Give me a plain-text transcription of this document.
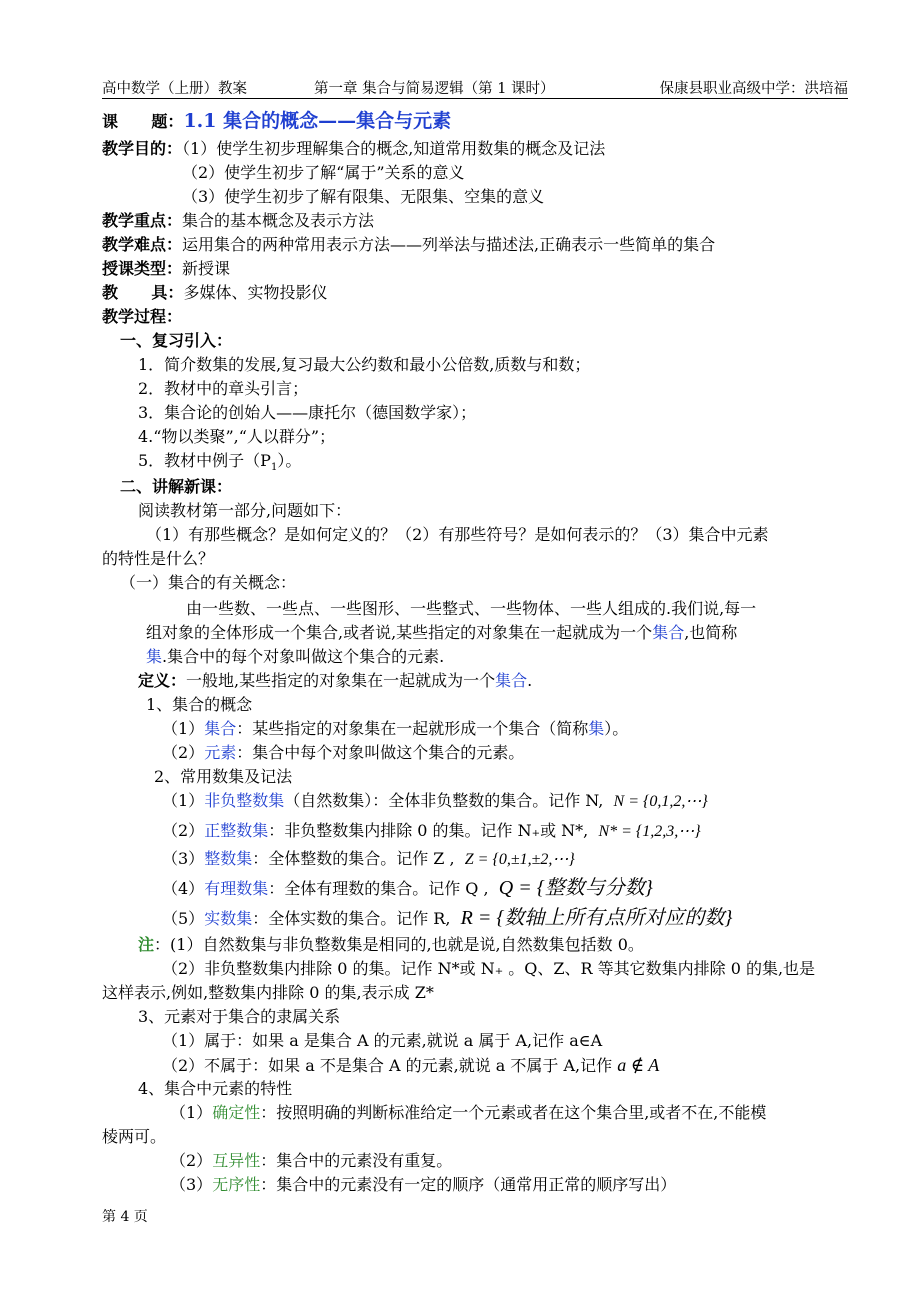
高中数学（上册）教案	第一章 集合与简易逻辑（第 1 课时）	保康县职业高级中学：洪培福
课      题：1.1 集合的概念——集合与元素
教学目的：（1）使学生初步理解集合的概念,知道常用数集的概念及记法
（2）使学生初步了解“属于”关系的意义
（3）使学生初步了解有限集、无限集、空集的意义
教学重点：集合的基本概念及表示方法
教学难点：运用集合的两种常用表示方法——列举法与描述法,正确表示一些简单的集合
授课类型：新授课
教      具：多媒体、实物投影仪
教学过程：
一、复习引入：
1．简介数集的发展,复习最大公约数和最小公倍数,质数与和数；
2．教材中的章头引言；
3．集合论的创始人——康托尔（德国数学家）；
4.“物以类聚”,“人以群分”；
5．教材中例子$(P_1)$。
二、讲解新课：
阅读教材第一部分,问题如下：
（1）有那些概念？是如何定义的？（2）有那些符号？是如何表示的？（3）集合中元素
的特性是什么？
（一）集合的有关概念：
由一些数、一些点、一些图形、一些整式、一些物体、一些人组成的.我们说,每一
组对象的全体形成一个集合,或者说,某些指定的对象集在一起就成为一个集合,也简称
集.集合中的每个对象叫做这个集合的元素.
定义：一般地,某些指定的对象集在一起就成为一个集合.
1、集合的概念
（1）集合：某些指定的对象集在一起就形成一个集合（简称集）。
（2）元素：集合中每个对象叫做这个集合的元素。
2、常用数集及记法
（1）非负整数集（自然数集）：全体非负整数的集合。记作 N, N = {0,1,2,⋯}
（2）正整数集：非负整数集内排除 0 的集。记作 N₊或 N*, N* = {1,2,3,⋯}
（3）整数集：全体整数的集合。记作 Z , Z = {0,±1,±2,⋯}
（4）有理数集：全体有理数的集合。记作 Q , Q = {整数与分数}
（5）实数集：全体实数的集合。记作 R, R = {数轴上所有点所对应的数}
注：(1）自然数集与非负整数集是相同的,也就是说,自然数集包括数 0。
（2）非负整数集内排除 0 的集。记作 N*或 N₊ 。Q、Z、R 等其它数集内排除 0 的集,也是
这样表示,例如,整数集内排除 0 的集,表示成 Z*
3、元素对于集合的隶属关系
（1）属于：如果 a 是集合 A 的元素,就说 a 属于 A,记作 a∈A
（2）不属于：如果 a 不是集合 A 的元素,就说 a 不属于 A,记作 a ∉ A
4、集合中元素的特性
（1）确定性：按照明确的判断标准给定一个元素或者在这个集合里,或者不在,不能模
棱两可。
（2）互异性：集合中的元素没有重复。
（3）无序性：集合中的元素没有一定的顺序（通常用正常的顺序写出）
第 4 页
